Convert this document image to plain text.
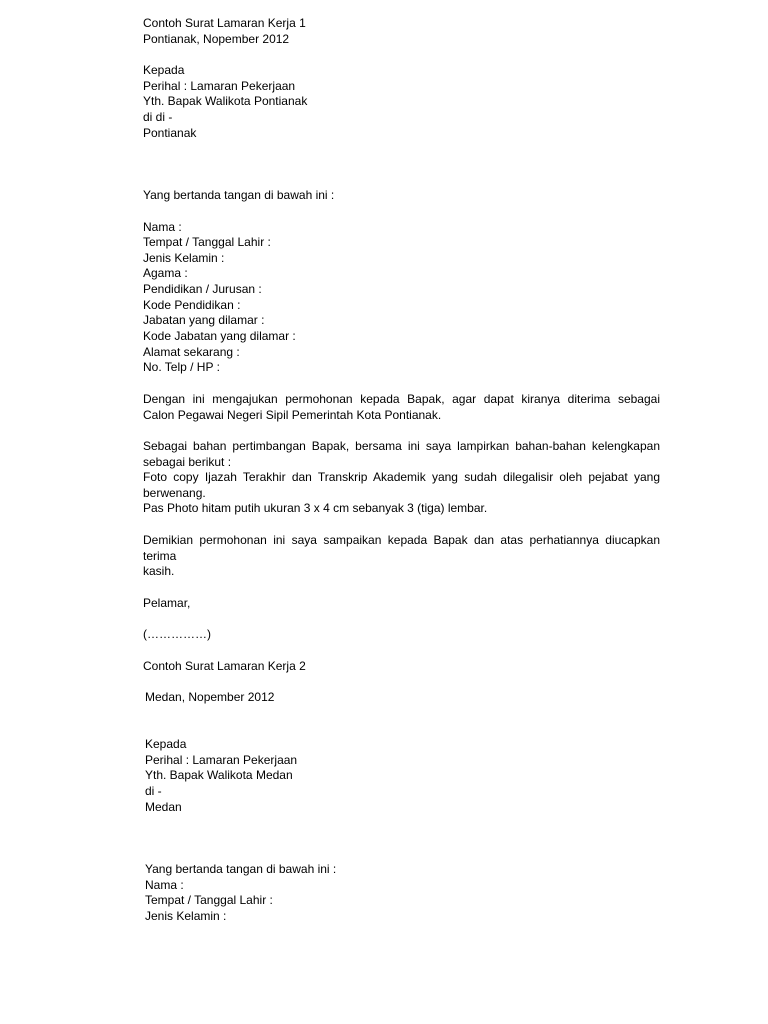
Contoh Surat Lamaran Kerja 1
Pontianak, Nopember 2012
Kepada
Perihal : Lamaran Pekerjaan
Yth. Bapak Walikota Pontianak
di di -
Pontianak
Yang bertanda tangan di bawah ini :
Nama :
Tempat / Tanggal Lahir :
Jenis Kelamin :
Agama :
Pendidikan / Jurusan :
Kode Pendidikan :
Jabatan yang dilamar :
Kode Jabatan yang dilamar :
Alamat sekarang :
No. Telp / HP :
Dengan ini mengajukan permohonan kepada Bapak, agar dapat kiranya diterima sebagai
Calon Pegawai Negeri Sipil Pemerintah Kota Pontianak.
Sebagai bahan pertimbangan Bapak, bersama ini saya lampirkan bahan-bahan kelengkapan
sebagai berikut :
Foto copy Ijazah Terakhir dan Transkrip Akademik yang sudah dilegalisir oleh pejabat yang
berwenang.
Pas Photo hitam putih ukuran 3 x 4 cm sebanyak 3 (tiga) lembar.
Demikian permohonan ini saya sampaikan kepada Bapak dan atas perhatiannya diucapkan
terima
kasih.
Pelamar,
(……………)
Contoh Surat Lamaran Kerja 2
Medan, Nopember 2012
Kepada
Perihal : Lamaran Pekerjaan
Yth. Bapak Walikota Medan
di -
Medan
Yang bertanda tangan di bawah ini :
Nama :
Tempat / Tanggal Lahir :
Jenis Kelamin :
